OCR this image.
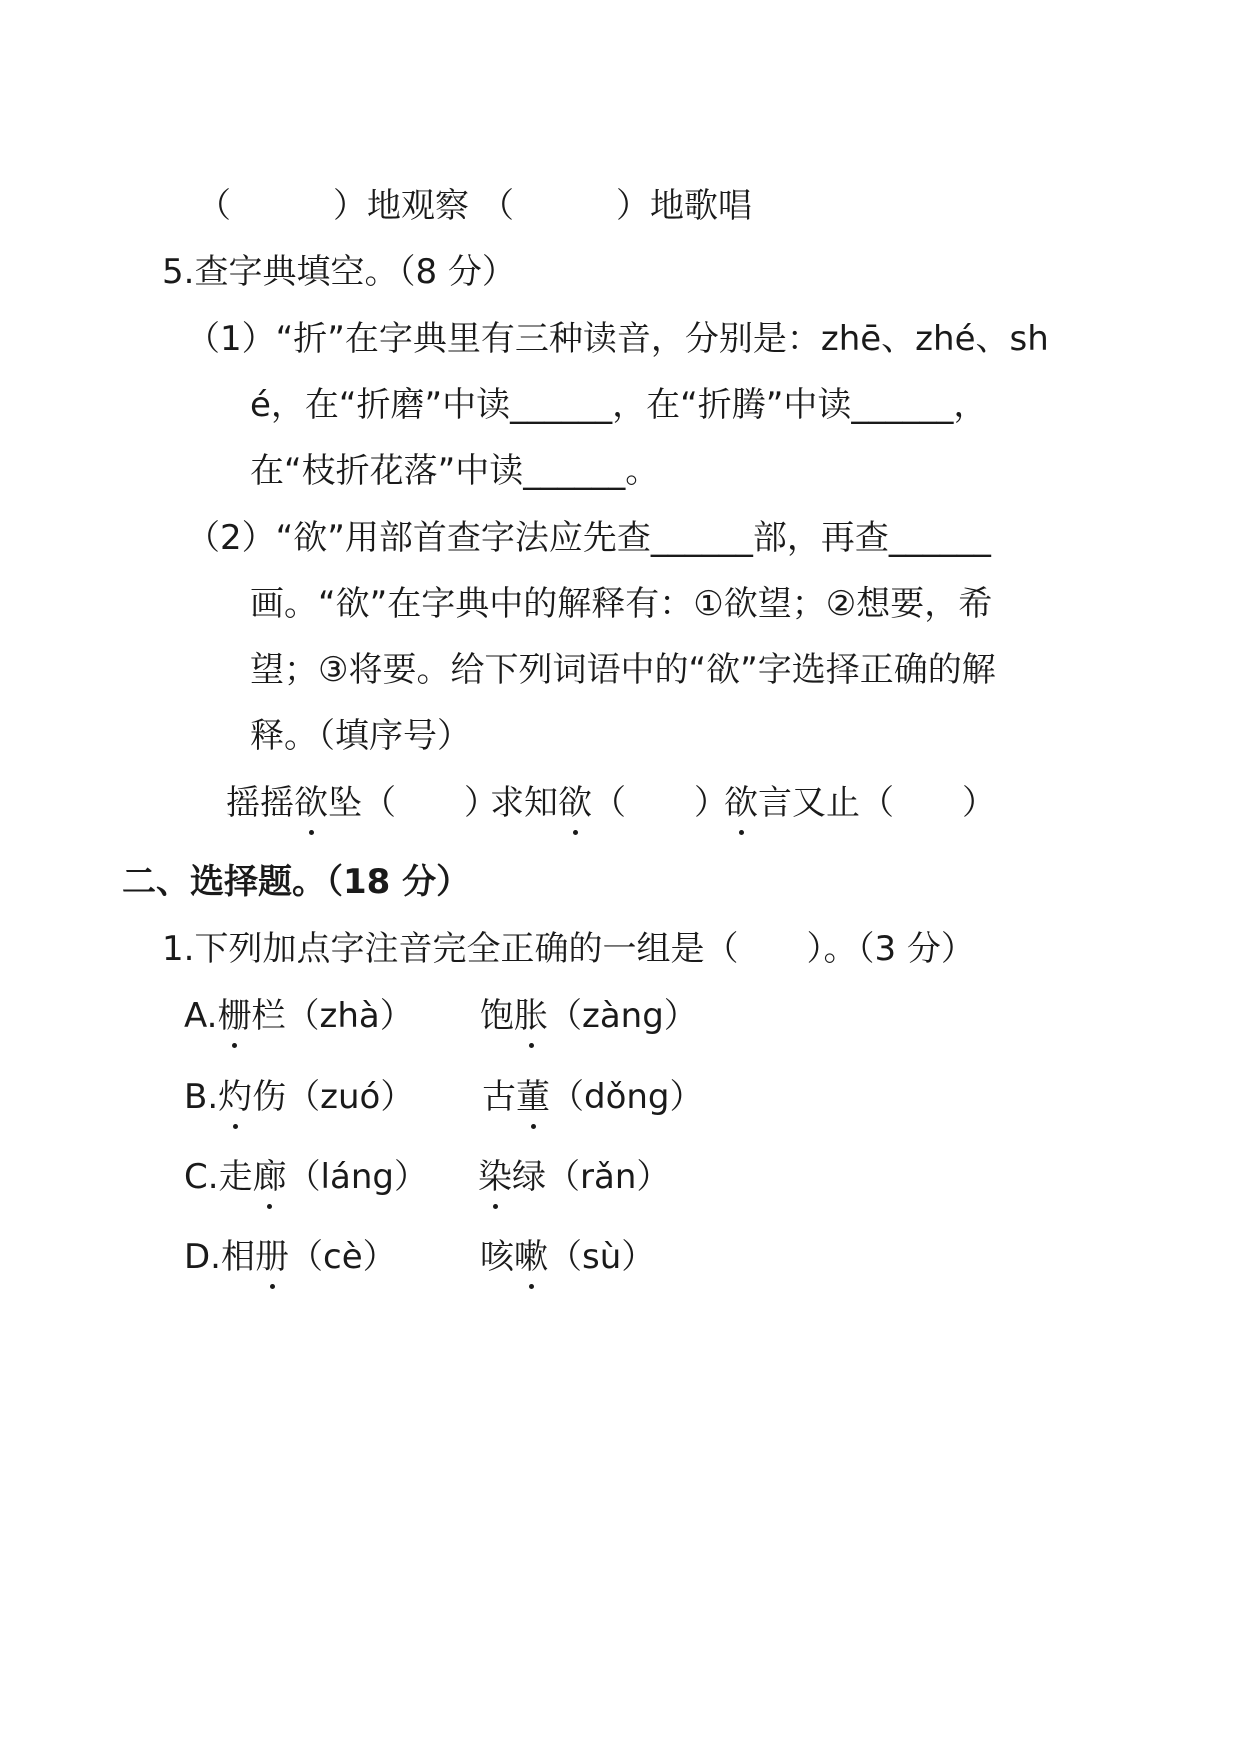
（　　　）地观察 （　　　）地歌唱
5.查字典填空。（8 分）
（1）“折”在字典里有三种读音，分别是：zhē、zhé、sh
é，在“折磨”中读______，在“折腾”中读______，
在“枝折花落”中读______。
（2）“欲”用部首查字法应先查______部，再查______
画。“欲”在字典中的解释有：①欲望；②想要，希
望；③将要。给下列词语中的“欲”字选择正确的解
释。（填序号）
摇摇欲坠（　　）
求知欲（　　）
欲言又止（　　）
二、选择题。（18 分）
1.下列加点字注音完全正确的一组是（　　）。（3 分）
A.栅栏（zhà） 饱胀（zàng）
B.灼伤（zuó） 古董（dǒng）
C.走廊（láng） 染绿（rǎn）
D.相册（cè） 咳嗽（sù）
